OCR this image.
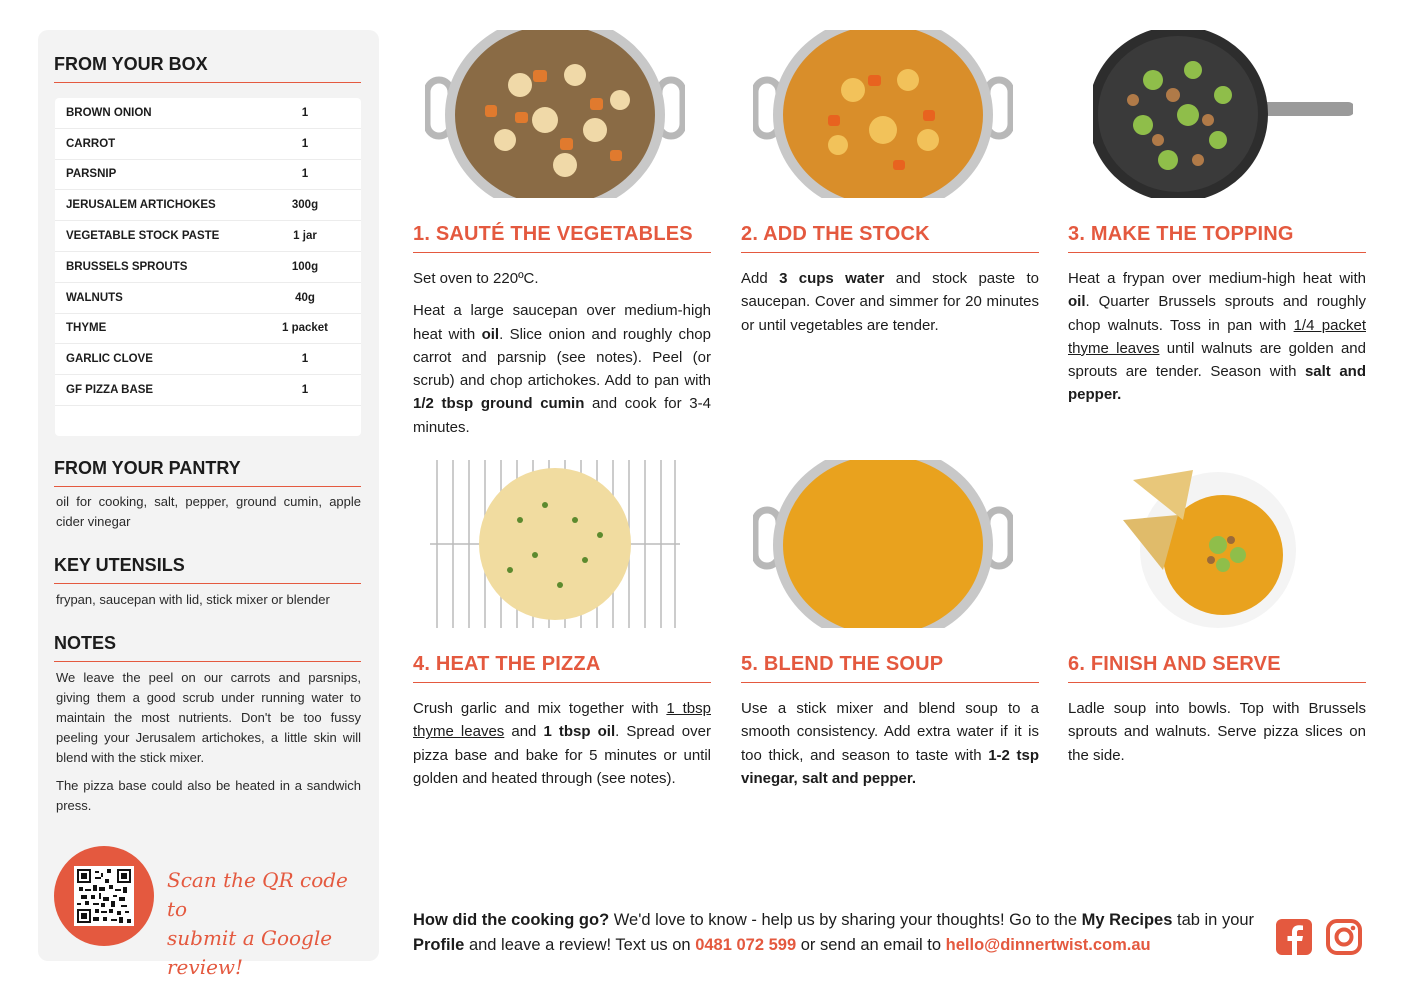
FROM YOUR BOX
BROWN ONION	1
CARROT	1
PARSNIP	1
JERUSALEM ARTICHOKES	300g
VEGETABLE STOCK PASTE	1 jar
BRUSSELS SPROUTS	100g
WALNUTS	40g
THYME	1 packet
GARLIC CLOVE	1
GF PIZZA BASE	1
FROM YOUR PANTRY

oil for cooking, salt, pepper, ground cumin, apple cider vinegar

KEY UTENSILS

frypan, saucepan with lid, stick mixer or blender

NOTES

We leave the peel on our carrots and parsnips, giving them a good scrub under running water to maintain the most nutrients. Don't be too fussy peeling your Jerusalem artichokes, a little skin will blend with the stick mixer.

The pizza base could also be heated in a sandwich press.

Scan the QR code to
submit a Google review!
1. SAUTÉ THE VEGETABLES

Set oven to 220ºC.

Heat a large saucepan over medium-high heat with oil. Slice onion and roughly chop carrot and parsnip (see notes). Peel (or scrub) and chop artichokes. Add to pan with 1/2 tbsp ground cumin and cook for 3-4 minutes.

2. ADD THE STOCK

Add 3 cups water and stock paste to saucepan. Cover and simmer for 20 minutes or until vegetables are tender.

3. MAKE THE TOPPING

Heat a frypan over medium-high heat with oil. Quarter Brussels sprouts and roughly chop walnuts. Toss in pan with 1/4 packet thyme leaves until walnuts are golden and sprouts are tender. Season with salt and pepper.

4. HEAT THE PIZZA

Crush garlic and mix together with 1 tbsp thyme leaves and 1 tbsp oil. Spread over pizza base and bake for 5 minutes or until golden and heated through (see notes).

5. BLEND THE SOUP

Use a stick mixer and blend soup to a smooth consistency. Add extra water if it is too thick, and season to taste with 1-2 tsp vinegar, salt and pepper.

6. FINISH AND SERVE

Ladle soup into bowls. Top with Brussels sprouts and walnuts. Serve pizza slices on the side.

How did the cooking go? We'd love to know - help us by sharing your thoughts! Go to the My Recipes tab in your Profile and leave a review! Text us on 0481 072 599 or send an email to hello@dinnertwist.com.au
